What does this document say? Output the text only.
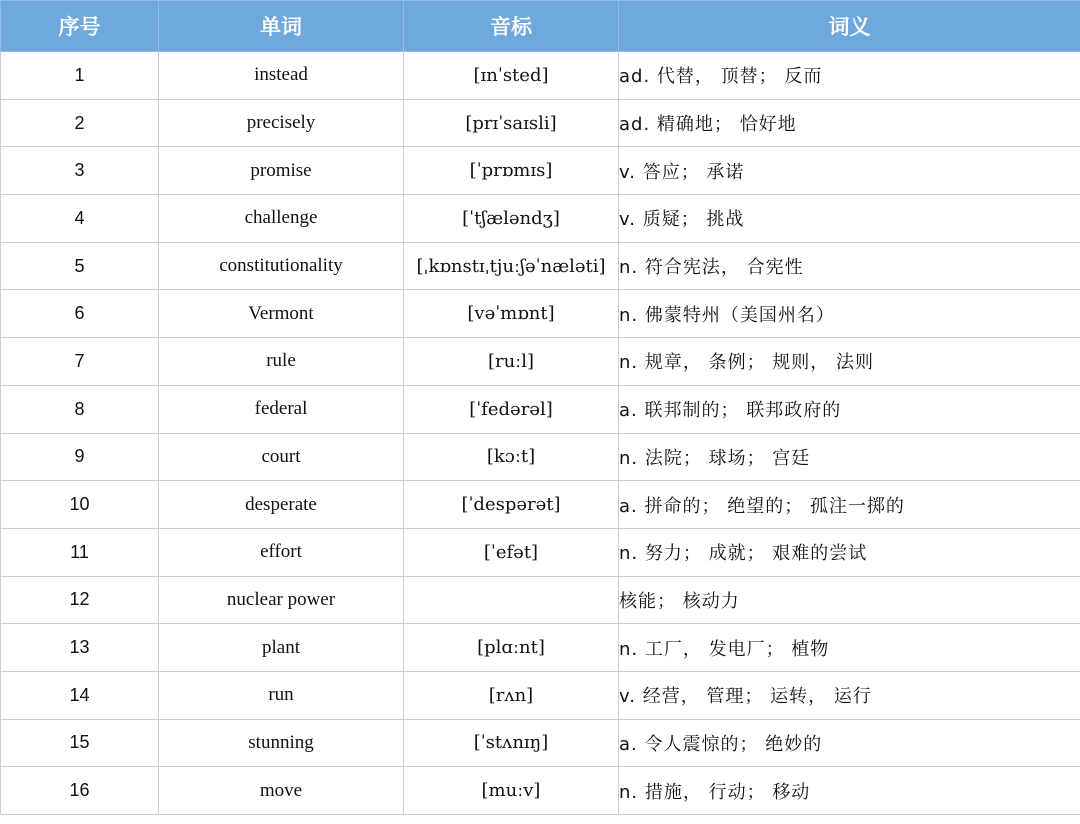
序号	单词	音标	词义
1	instead	[ɪnˈsted]	ad. 代替， 顶替； 反而
2	precisely	[prɪˈsaɪsli]	ad. 精确地； 恰好地
3	promise	[ˈprɒmɪs]	v. 答应； 承诺
4	challenge	[ˈtʃæləndʒ]	v. 质疑； 挑战
5	constitutionality	[ˌkɒnstɪˌtjuːʃəˈnæləti]	n. 符合宪法， 合宪性
6	Vermont	[vəˈmɒnt]	n. 佛蒙特州（美国州名）
7	rule	[ruːl]	n. 规章， 条例； 规则， 法则
8	federal	[ˈfedərəl]	a. 联邦制的； 联邦政府的
9	court	[kɔːt]	n. 法院； 球场； 宫廷
10	desperate	[ˈdespərət]	a. 拼命的； 绝望的； 孤注一掷的
11	effort	[ˈefət]	n. 努力； 成就； 艰难的尝试
12	nuclear power		核能； 核动力
13	plant	[plɑːnt]	n. 工厂， 发电厂； 植物
14	run	[rʌn]	v. 经营， 管理； 运转， 运行
15	stunning	[ˈstʌnɪŋ]	a. 令人震惊的； 绝妙的
16	move	[muːv]	n. 措施， 行动； 移动
